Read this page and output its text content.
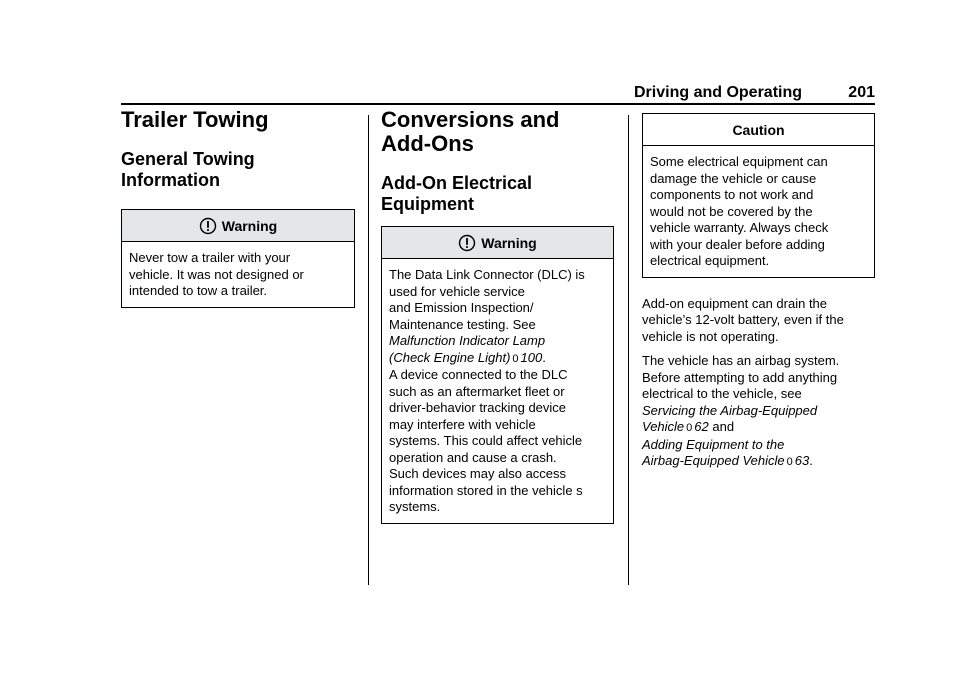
Driving and Operating	201
Trailer Towing
General Towing
Information
Warning
Never tow a trailer with your
vehicle. It was not designed or
intended to tow a trailer.
Conversions and
Add-Ons
Add-On Electrical
Equipment
Warning
The Data Link Connector (DLC) is
used for vehicle service
and Emission Inspection/
Maintenance testing. See
Malfunction Indicator Lamp
(Check Engine Light) 0 100.
A device connected to the DLC
such as an aftermarket fleet or
driver-behavior tracking device
may interfere with vehicle
systems. This could affect vehicle
operation and cause a crash.
Such devices may also access
information stored in the vehicle s
systems.
Caution
Some electrical equipment can
damage the vehicle or cause
components to not work and
would not be covered by the
vehicle warranty. Always check
with your dealer before adding
electrical equipment.

Add-on equipment can drain the
vehicle’s 12-volt battery, even if the
vehicle is not operating.

The vehicle has an airbag system.
Before attempting to add anything
electrical to the vehicle, see
Servicing the Airbag-Equipped
Vehicle 0 62 and
Adding Equipment to the
Airbag-Equipped Vehicle 0 63.
